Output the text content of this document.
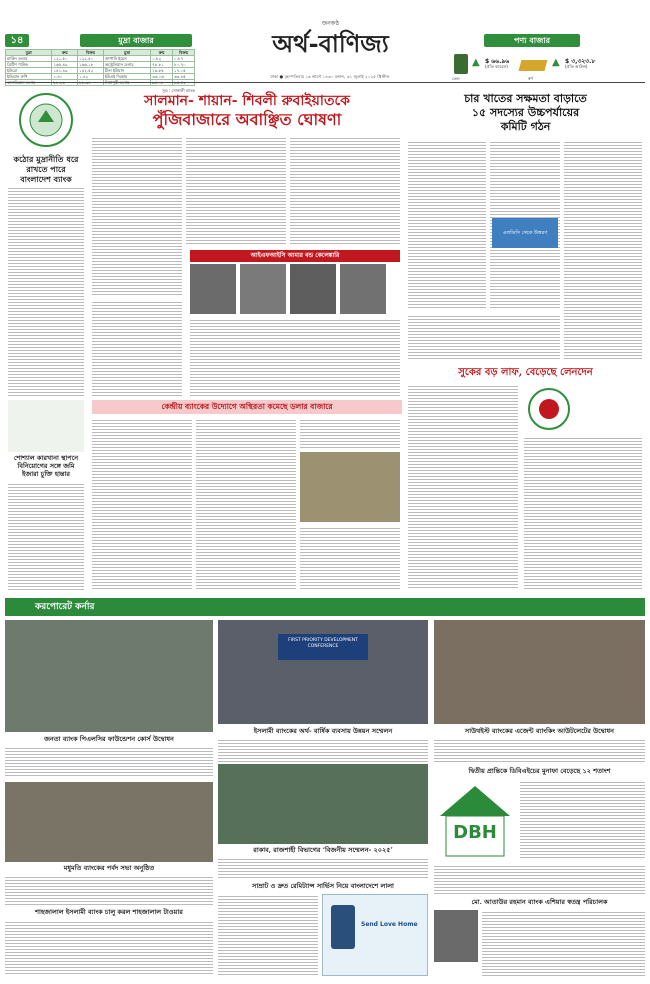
১৪	মুদ্রা বাজার	পণ্য বাজার
জনকণ্ঠ
অর্থ-বাণিজ্য
ঢাকা ● বৃহস্পতিবার ১৬ শ্রাবণ ১৪৩০ বঙ্গাব্দ, ৩১ জুলাই ২০২৫ খ্রিস্টাব্দ
মুদ্রা	ক্রয়	বিক্রয়	মুদ্রা	ক্রয়	বিক্রয়
মার্কিন ডলার	১২১.৫০	১২২.৫০	জাপানি ইয়েন	০.৮২	০.৮৭
ব্রিটিশ পাউন্ড	১৬৫.৪৯	১৬৬.১৮	অস্ট্রেলিয়ান ডলার	৭৮.৮১	৮০.৭০
ইউরো	১৪১.৪৯	১৪২.৫২	চীনা ইউয়ান	১৬.৮৫	১৭.০৫
ইন্ডিয়ান রুপি	১.৪০	১.৪২	ইউএই দিরহাম	৩৩.০৬	৩৩.৪৫

সূত্র : সোনালী ব্যাংক
তেল
▲ $ ৬৬.৯৬
(প্রতি ব্যারেল)
স্বর্ণ
▲ $ ৩,৩২৩.৮
(প্রতি আউন্স)
কঠোর মুদ্রানীতি ধরে
রাখতে পারে
বাংলাদেশ ব্যাংক
শোশ্যাল কারখানা স্থাপনে
বিনিয়োগের সঙ্গে জমি
ইজারা চুক্তি হান্তার
সালমান- শায়ান- শিবলী রুবাইয়াতকে
পুঁজিবাজারে অবাঞ্ছিত ঘোষণা
আইএফআইসি আমার বন্ড কেলেঙ্কারি
কেন্দ্রীয় ব্যাংকের উদ্যোগে অস্থিরতা কমেছে ডলার বাজারে
চার খাতের সক্ষমতা বাড়াতে
১৫ সদস্যের উচ্চপর্যায়ের
কমিটি গঠন
এলডিসি থেকে উত্তরণ
সুকের বড় লাফ, বেড়েছে লেনদেন
করপোরেট কর্নার
জনতা ব্যাংক পিএলসির ফাউন্ডেশন কোর্স উদ্বোধন
FIRST PRIORITY DEVELOPMENT CONFERENCE
ইসলামী ব্যাংকের অর্থ- বার্ষিক ব্যবসায় উন্নয়ন সম্মেলন	সাউথইস্ট ব্যাংকের এজেন্ট ব্যাংকিং আউটলেটের উদ্বোধন
দ্বিতীয় প্রান্তিকে ডিবিএইচের মুনাফা বেড়েছে ১২ শতাংশ
DBH
মো. আতাউর রহমান ব্যাংক এশিয়ার স্বতন্ত্র পরিচালক
মধুমতি ব্যাংকের পর্বদ সভা অনুষ্ঠিত
শাহজালাল ইসলামী ব্যাংক চালু করল শাহজালাল টাওয়ার
রাকাব, রাজশাহী বিভাগের ‘বিজনীয় সম্মেলন- ২০২৫’
সাম্রাট ও দ্রুত রেমিট্যান্স সার্ভিস নিয়ে বাংলাদেশে লালা
Send Love Home
